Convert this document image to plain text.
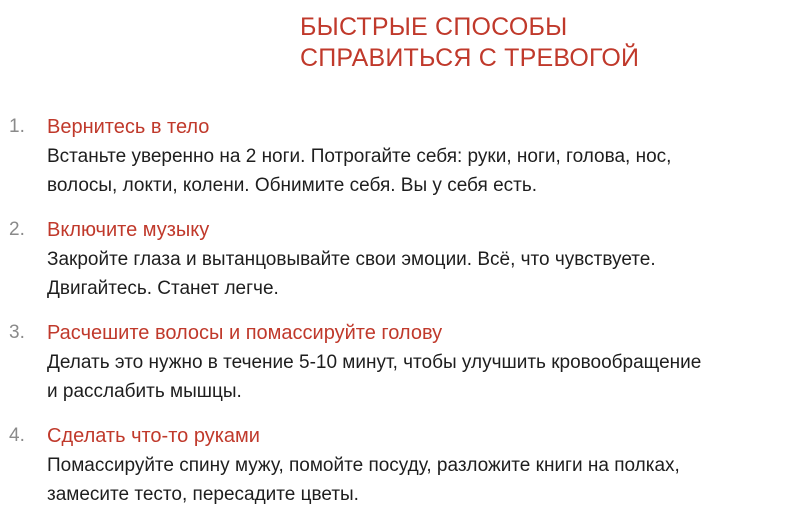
БЫСТРЫЕ СПОСОБЫ
СПРАВИТЬСЯ С ТРЕВОГОЙ
1. Вернитесь в тело
Встаньте уверенно на 2 ноги. Потрогайте себя: руки, ноги, голова, нос,
волосы, локти, колени. Обнимите себя. Вы у себя есть.
2. Включите музыку
Закройте глаза и вытанцовывайте свои эмоции. Всё, что чувствуете.
Двигайтесь. Станет легче.
3. Расчешите волосы и помассируйте голову
Делать это нужно в течение 5-10 минут, чтобы улучшить кровообращение
и расслабить мышцы.
4. Сделать что-то руками
Помассируйте спину мужу, помойте посуду, разложите книги на полках,
замесите тесто, пересадите цветы.
